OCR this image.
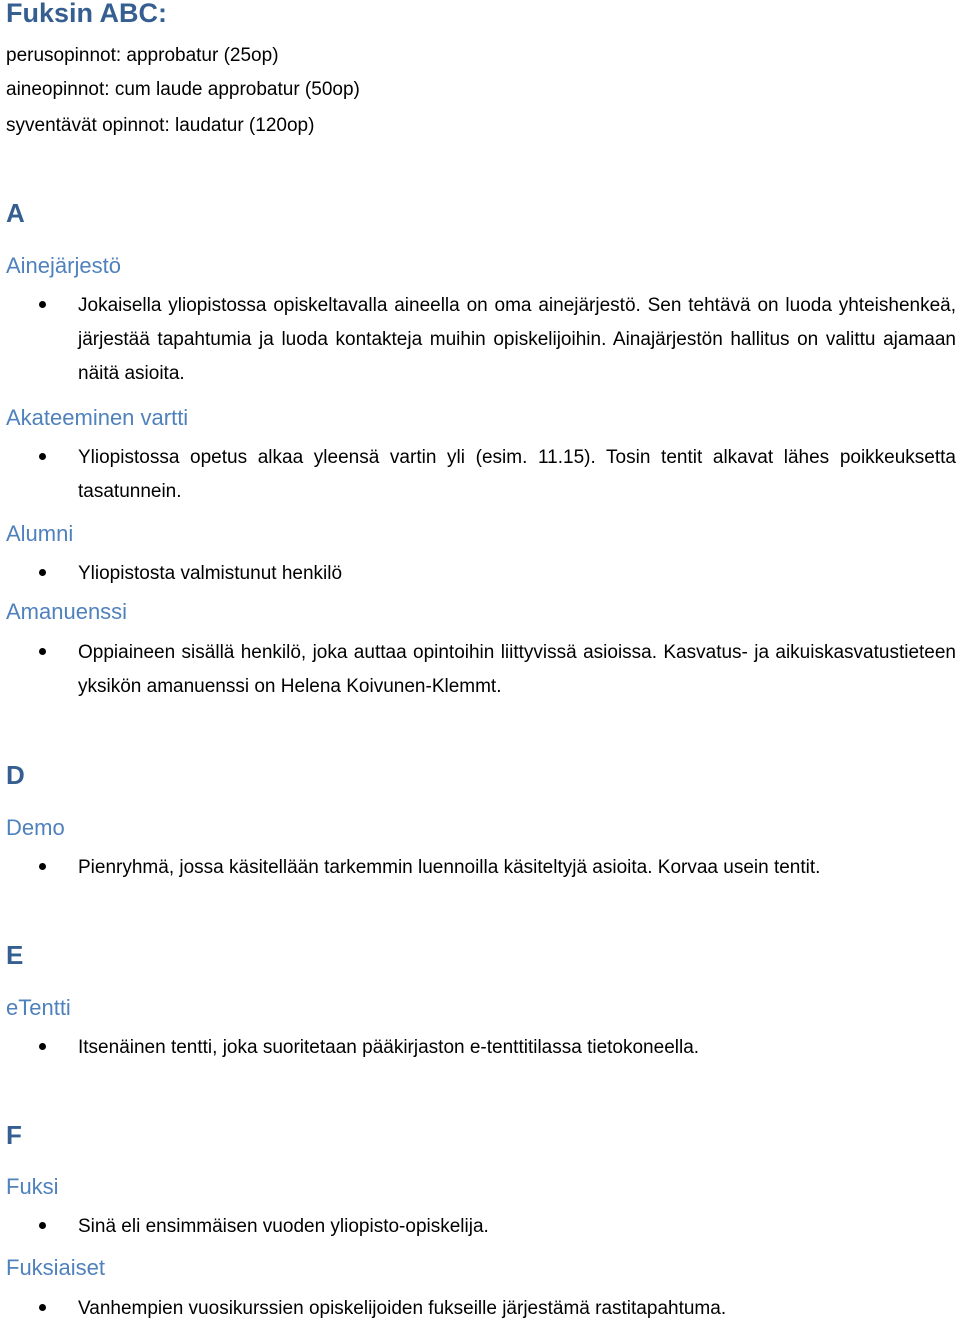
Fuksin ABC:
perusopinnot: approbatur (25op)
aineopinnot: cum laude approbatur (50op)
syventävät opinnot: laudatur (120op)
A
Ainejärjestö
Jokaisella yliopistossa opiskeltavalla aineella on oma ainejärjestö. Sen tehtävä on luoda yhteishenkeä, järjestää tapahtumia ja luoda kontakteja muihin opiskelijoihin. Ainajärjestön hallitus on valittu ajamaan näitä asioita.
Akateeminen vartti
Yliopistossa opetus alkaa yleensä vartin yli (esim. 11.15). Tosin tentit alkavat lähes poikkeuksetta tasatunnein.
Alumni
Yliopistosta valmistunut henkilö
Amanuenssi
Oppiaineen sisällä henkilö, joka auttaa opintoihin liittyvissä asioissa. Kasvatus- ja aikuiskasvatustieteen yksikön amanuenssi on Helena Koivunen-Klemmt.
D
Demo
Pienryhmä, jossa käsitellään tarkemmin luennoilla käsiteltyjä asioita. Korvaa usein tentit.
E
eTentti
Itsenäinen tentti, joka suoritetaan pääkirjaston e-tenttitilassa tietokoneella.
F
Fuksi
Sinä eli ensimmäisen vuoden yliopisto-opiskelija.
Fuksiaiset
Vanhempien vuosikurssien opiskelijoiden fukseille järjestämä rastitapahtuma.
